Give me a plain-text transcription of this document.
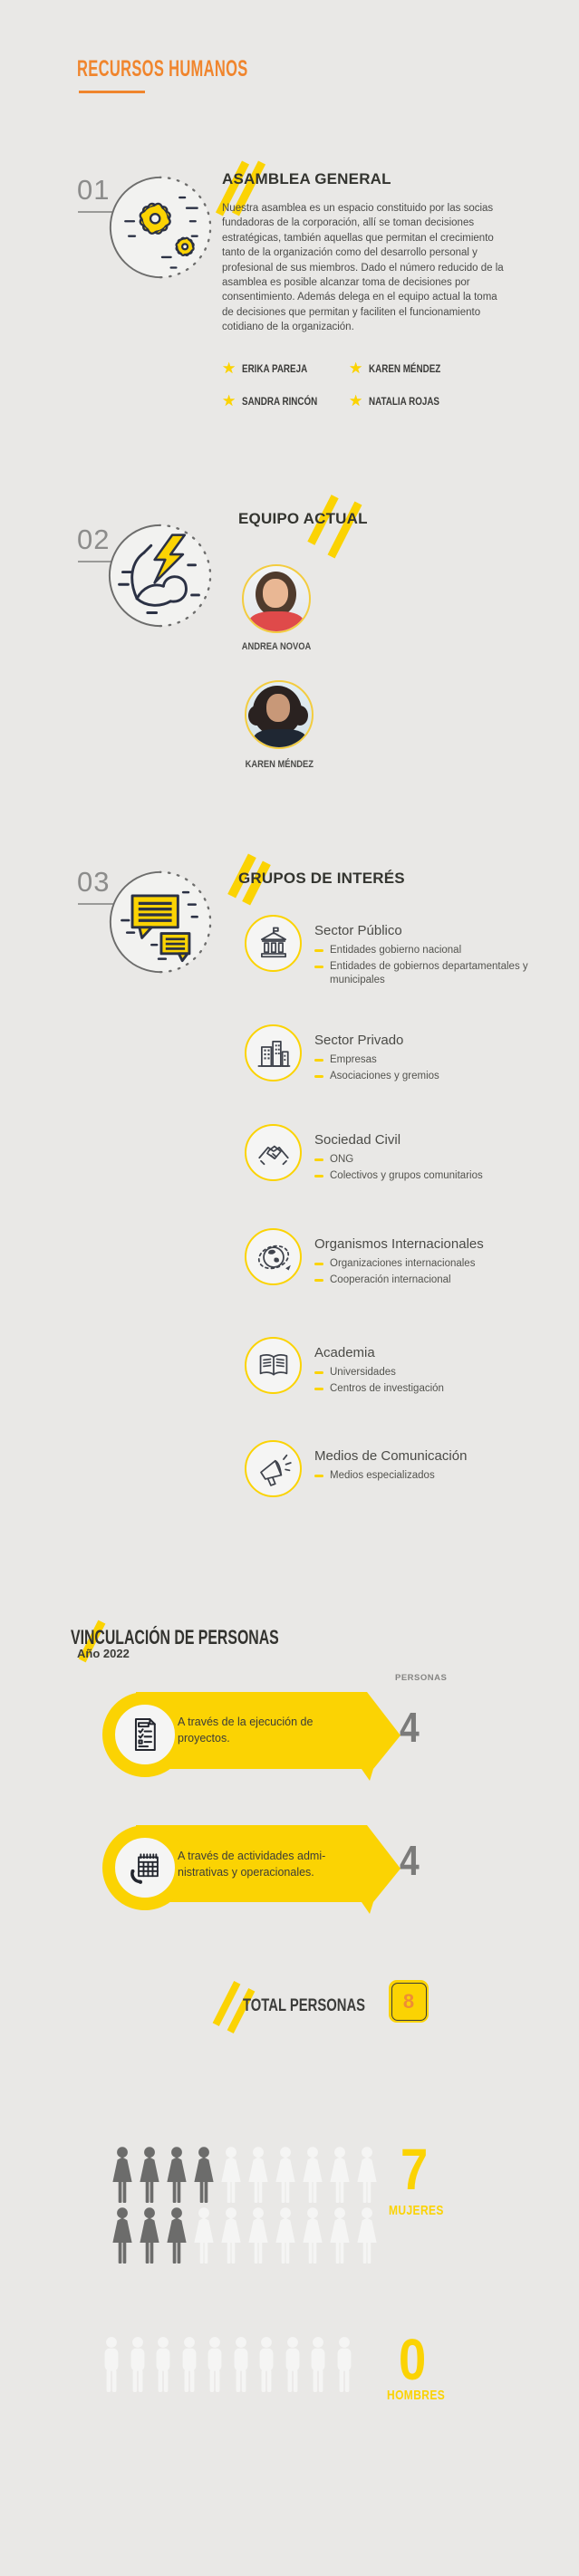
RECURSOS HUMANOS
01	ASAMBLEA GENERAL
Nuestra asamblea es un espacio constituido por las socias fundadoras de la corporación, allí se toman decisiones estratégicas, también aquellas que permitan el crecimiento tanto de la organización como del desarrollo personal y profesional de sus miembros. Dado el número reducido de la asamblea es posible alcanzar toma de decisiones por consentimiento. Además delega en el equipo actual la toma de decisiones que permitan y faciliten el funcionamiento cotidiano de la organización.
★ ERIKA PAREJA	★ KAREN MÉNDEZ
★ SANDRA RINCÓN ★ NATALIA ROJAS
02
EQUIPO ACTUAL
ANDREA NOVOA
KAREN MÉNDEZ
03	GRUPOS DE INTERÉS
Sector Público
Entidades gobierno nacional
Entidades de gobiernos departamentales y municipales
Sector Privado
Empresas
Asociaciones y gremios
Sociedad Civil
ONG
Colectivos y grupos comunitarios
Organismos Internacionales
Organizaciones internacionales
Cooperación internacional
Academia
Universidades
Centros de investigación
Medios de Comunicación
Medios especializados
VINCULACIÓN DE PERSONAS
Año 2022
PERSONAS
A través de la ejecución de
proyectos.	4
A través de actividades admi-
nistrativas y operacionales. 4
TOTAL PERSONAS 8
7
MUJERES
0
HOMBRES
